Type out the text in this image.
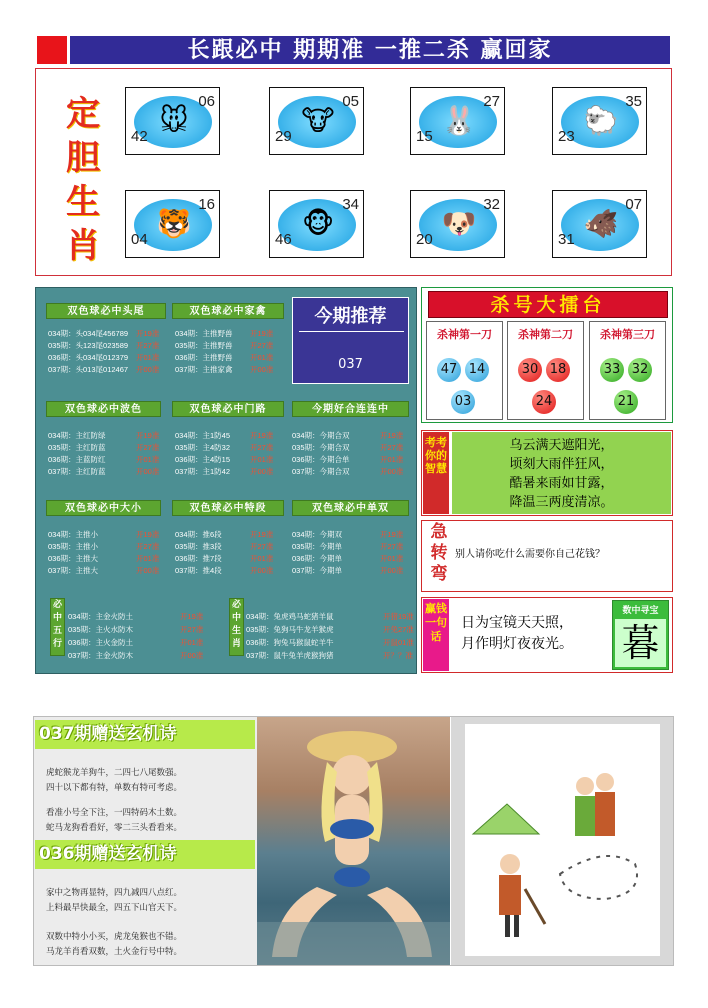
长跟必中 期期准 一推二杀 赢回家
定胆生肖
🐭
42
06
🐮
29
05
🐰
15
27
🐑
23
35
🐯
04
16
🐵
46
34
🐶
20
32
🐗
31
07
双色球必中头尾
034期：头034尾456789 开19准
035期：头123尾023589 开27准
036期：头034尾012379 开01准
037期：头013尾012467 开00准
双色球必中家禽
034期：主推野兽 开19准
035期：主推野兽 开27准
036期：主推野兽 开01准
037期：主推家禽 开00准
双色球必中波色
034期：主红防绿	开19准
035期：主红防蓝	开27准
036期：主蓝防红	开01准
037期：主红防蓝	开00准
双色球必中门路
034期：主1防45	开19准
035期：主4防32	开27准
036期：主4防15	开01准
037期：主1防42	开00准
今期好合连连中
034期：今期合双	开19准
035期：今期合双	开27准
036期：今期合单	开01准
037期：今期合双	开00准
双色球必中大小
034期：主推小	开19准
035期：主推小	开27准
036期：主推大	开01准
037期：主推大	开00准
双色球必中特段
034期：推6段	开19准
035期：推3段	开27准
036期：推7段	开01准
037期：推4段	开00准
双色球必中单双
034期：今期双	开19准
035期：今期单	开27准
036期：今期单	开01准
037期：今期单	开00准
必中五行
034期：主金火防土	开19准
035期：主火水防木	开27准
036期：主火金防土	开01准
037期：主金火防木	开00准
必中生肖
034期：兔虎鸡马蛇猪羊鼠	开猪19准
035期：兔狗马牛龙羊猴虎	开兔27准
036期：狗兔马猴鼠蛇羊牛	开鼠01准
037期：鼠牛兔羊虎猴狗猪	开？？准
今期推荐
037
杀号大擂台
杀神第一刀
47 14
03
杀神第二刀
30 18
24
杀神第三刀
33 32
21
考考你的智慧
乌云满天遮阳光，
顷刻大雨伴狂风，
酷暑来雨如甘露，
降温三两度清凉。
急转弯
别人请你吃什么需要你自己花钱？
赢钱一句话
日为宝镜天天照，
月作明灯夜夜光。
数中寻宝
暮
037期赠送玄机诗
虎蛇猴龙羊狗牛，二四七八尾数强。
四十以下都有特，单数有特可考虑。
看准小号全下注，一四特码木土数。
蛇马龙狗看看好，零二三头看看来。
036期赠送玄机诗
家中之物再显特，四九减四八点红。
上料最早快最全，四五下山官天下。
双数中特小小买，虎龙兔猴也不错。
马龙羊肖看双数，土火金行号中特。
